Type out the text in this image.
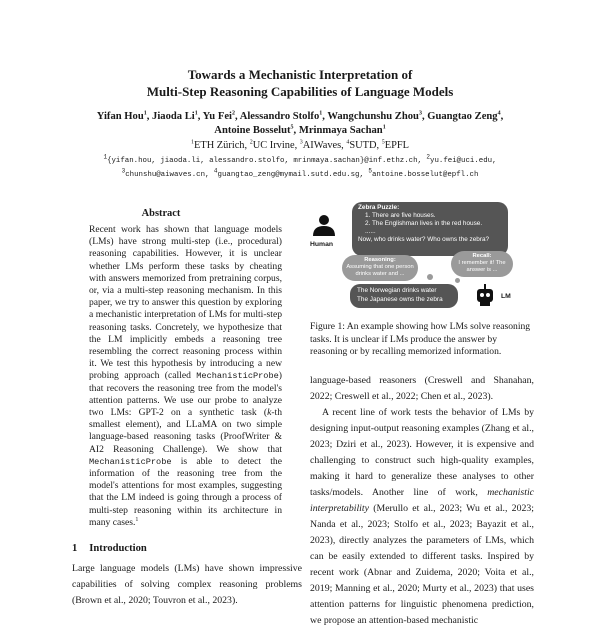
Towards a Mechanistic Interpretation of
Multi-Step Reasoning Capabilities of Language Models
Yifan Hou$^1$, Jiaoda Li$^1$, Yu Fei$^2$, Alessandro Stolfo$^1$, Wangchunshu Zhou$^3$, Guangtao Zeng$^4$,
Antoine Bosselut$^5$, Mrinmaya Sachan$^1$
$^1$ETH Zürich, $^2$UC Irvine, $^3$AIWaves, $^4$SUTD, $^5$EPFL
$^1${yifan.hou, jiaoda.li, alessandro.stolfo, mrinmaya.sachan}@inf.ethz.ch, $^2$yu.fei@uci.edu,
$^3$chunshu@aiwaves.cn, $^4$guangtao_zeng@mymail.sutd.edu.sg, $^5$antoine.bosselut@epfl.ch
Abstract
Recent work has shown that language models (LMs) have strong multi-step (i.e., procedural) reasoning capabilities. However, it is unclear whether LMs perform these tasks by cheating with answers memorized from pretraining corpus, or, via a multi-step reasoning mechanism. In this paper, we try to answer this question by exploring a mechanistic interpretation of LMs for multi-step reasoning tasks. Concretely, we hypothesize that the LM implicitly embeds a reasoning tree resembling the correct reasoning process within it. We test this hypothesis by introducing a new probing approach (called MechanisticProbe) that recovers the reasoning tree from the model's attention patterns. We use our probe to analyze two LMs: GPT-2 on a synthetic task (k-th smallest element), and LLaMA on two simple language-based reasoning tasks (ProofWriter & AI2 Reasoning Challenge). We show that MechanisticProbe is able to detect the information of the reasoning tree from the model's attentions for most examples, suggesting that the LM indeed is going through a process of multi-step reasoning within its architecture in many cases.$^1$
1 Introduction
Large language models (LMs) have shown impressive capabilities of solving complex reasoning problems (Brown et al., 2020; Touvron et al., 2023).
Human
Zebra Puzzle:
1. There are five houses.
2. The Englishman lives in the red house.
......
Now, who drinks water? Who owns the zebra?
Reasoning:
Assuming that one person drinks water and ...
Recall:
I remember it! The answer is ...
The Norwegian drinks water
The Japanese owns the zebra	LM
Figure 1: An example showing how LMs solve reasoning tasks. It is unclear if LMs produce the answer by reasoning or by recalling memorized information.

language-based reasoners (Creswell and Shanahan, 2022; Creswell et al., 2022; Chen et al., 2023).

A recent line of work tests the behavior of LMs by designing input-output reasoning examples (Zhang et al., 2023; Dziri et al., 2023). However, it is expensive and challenging to construct such high-quality examples, making it hard to generalize these analyses to other tasks/models. Another line of work, mechanistic interpretability (Merullo et al., 2023; Wu et al., 2023; Nanda et al., 2023; Stolfo et al., 2023; Bayazit et al., 2023), directly analyzes the parameters of LMs, which can be easily extended to different tasks. Inspired by recent work (Abnar and Zuidema, 2020; Voita et al., 2019; Manning et al., 2020; Murty et al., 2023) that uses attention patterns for linguistic phenomena prediction, we propose an attention-based mechanistic
